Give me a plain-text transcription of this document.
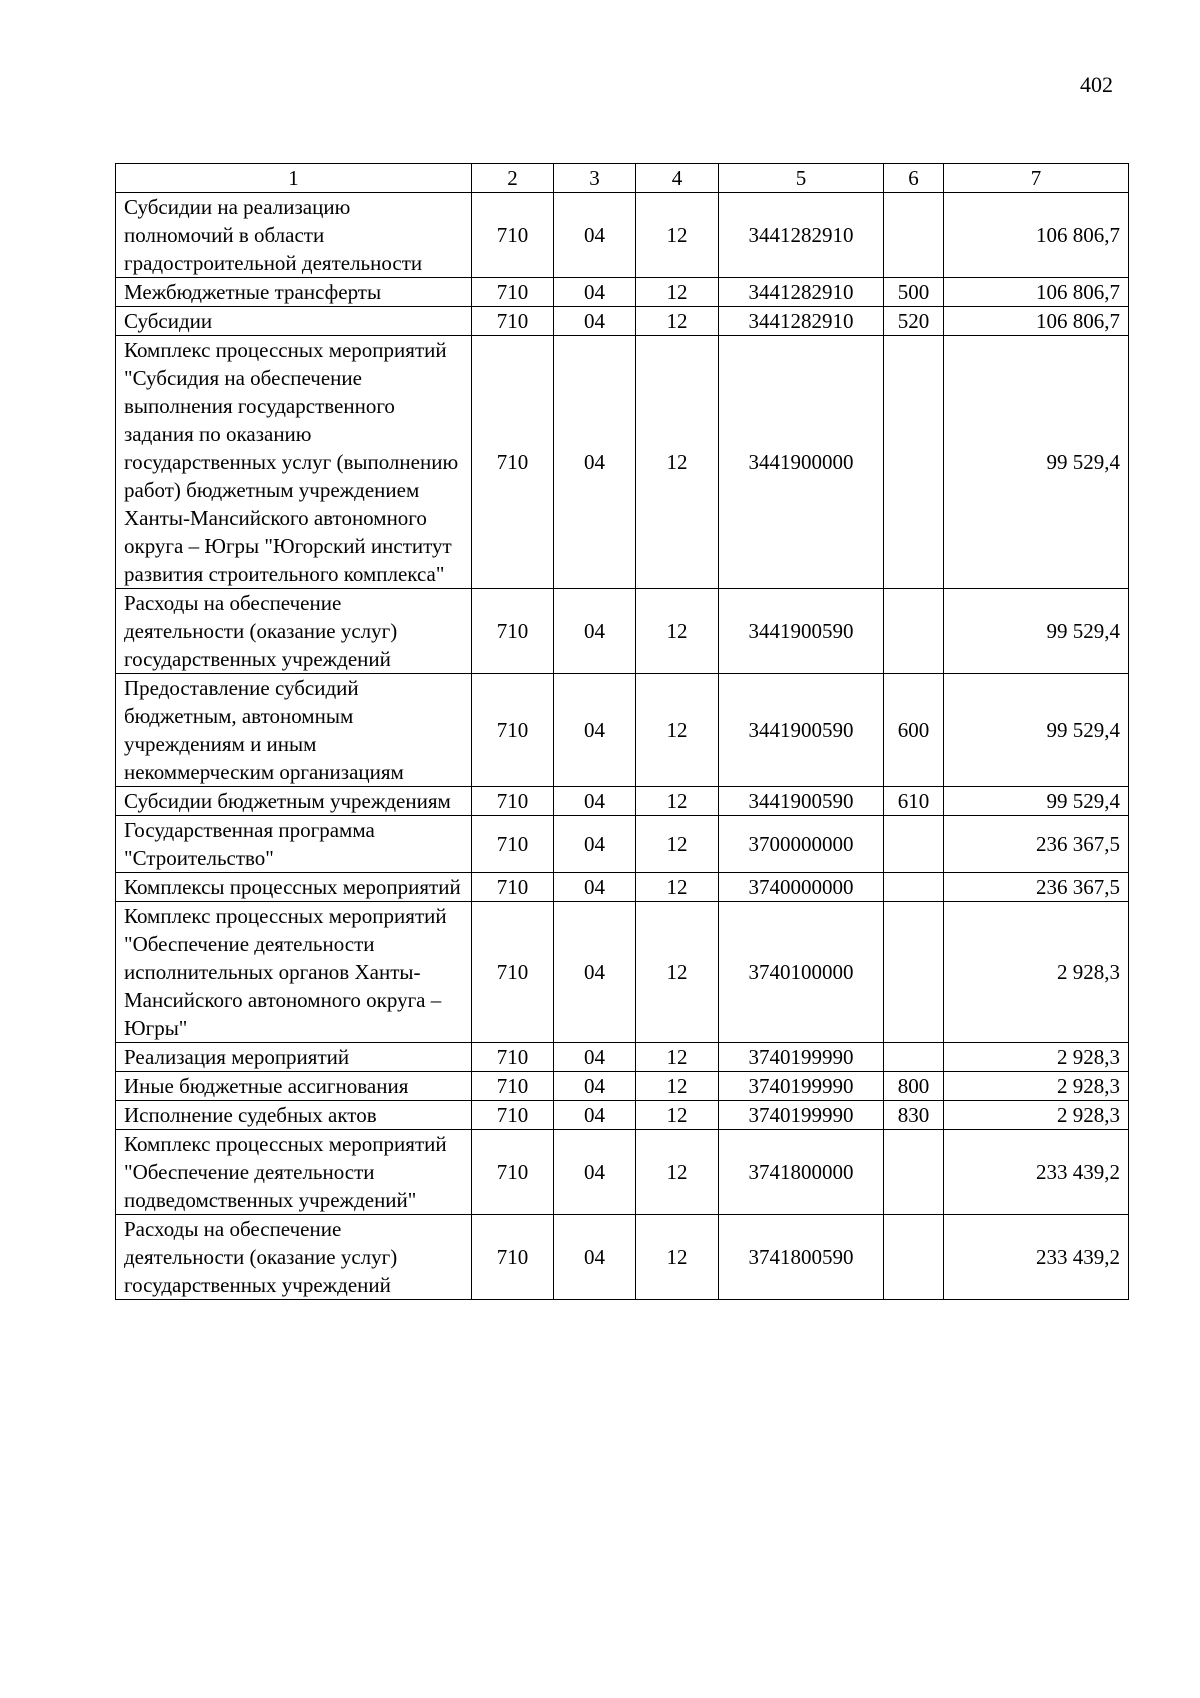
402
1	2	3	4	5	6	7
Субсидии на реализацию полномочий в области градостроительной деятельности	710	04	12	3441282910		106 806,7
Межбюджетные трансферты	710	04	12	3441282910	500	106 806,7
Субсидии	710	04	12	3441282910	520	106 806,7
Комплекс процессных мероприятий "Субсидия на обеспечение выполнения государственного задания по оказанию государственных услуг (выполнению работ) бюджетным учреждением Ханты-Мансийского автономного округа – Югры "Югорский институт развития строительного комплекса"	710	04	12	3441900000		99 529,4
Расходы на обеспечение деятельности (оказание услуг) государственных учреждений	710	04	12	3441900590		99 529,4
Предоставление субсидий бюджетным, автономным учреждениям и иным некоммерческим организациям	710	04	12	3441900590	600	99 529,4
Субсидии бюджетным учреждениям	710	04	12	3441900590	610	99 529,4
Государственная программа "Строительство"	710	04	12	3700000000		236 367,5
Комплексы процессных мероприятий	710	04	12	3740000000		236 367,5
Комплекс процессных мероприятий "Обеспечение деятельности исполнительных органов Ханты-Мансийского автономного округа – Югры"	710	04	12	3740100000		2 928,3
Реализация мероприятий	710	04	12	3740199990		2 928,3
Иные бюджетные ассигнования	710	04	12	3740199990	800	2 928,3
Исполнение судебных актов	710	04	12	3740199990	830	2 928,3
Комплекс процессных мероприятий "Обеспечение деятельности подведомственных учреждений"	710	04	12	3741800000		233 439,2
Расходы на обеспечение деятельности (оказание услуг) государственных учреждений	710	04	12	3741800590		233 439,2
